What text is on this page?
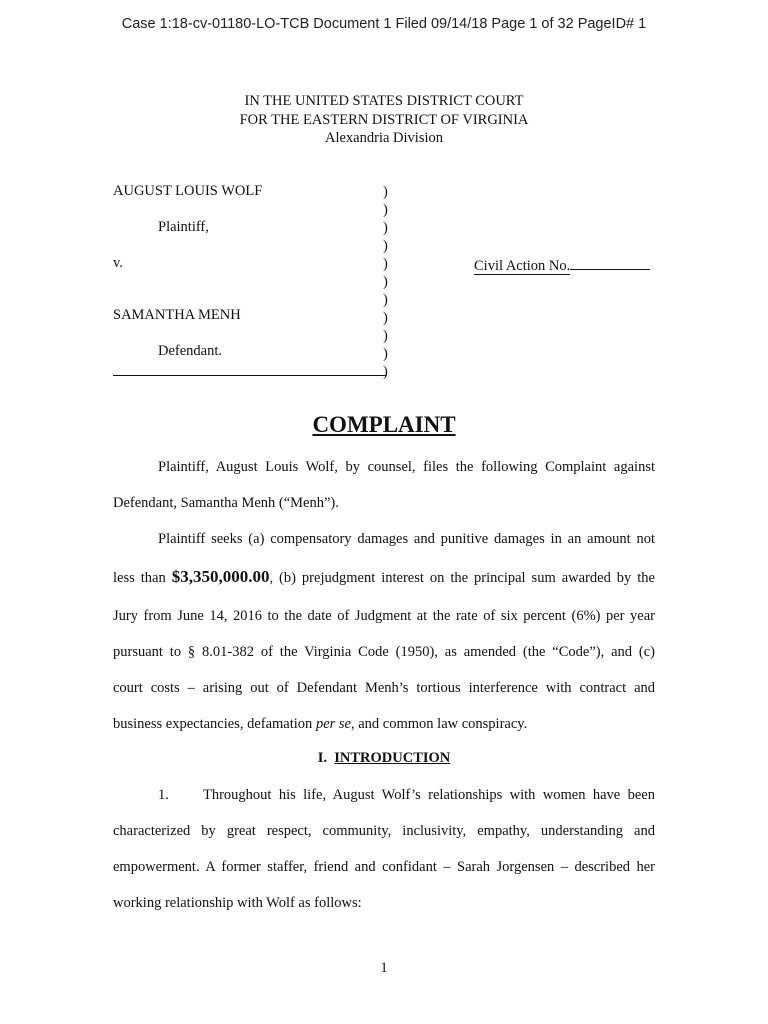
Case 1:18-cv-01180-LO-TCB Document 1 Filed 09/14/18 Page 1 of 32 PageID# 1
IN THE UNITED STATES DISTRICT COURT
FOR THE EASTERN DISTRICT OF VIRGINIA
Alexandria Division
AUGUST LOUIS WOLF
Plaintiff,
v.
SAMANTHA MENH
Defendant.
)
)
)
)
)
)
)
)
)
)
)
Civil Action No.
COMPLAINT
Plaintiff, August Louis Wolf, by counsel, files the following Complaint against
Defendant, Samantha Menh (“Menh”).
Plaintiff seeks (a) compensatory damages and punitive damages in an amount not
less than $3,350,000.00, (b) prejudgment interest on the principal sum awarded by the
Jury from June 14, 2016 to the date of Judgment at the rate of six percent (6%) per year
pursuant to § 8.01-382 of the Virginia Code (1950), as amended (the “Code”), and (c)
court costs – arising out of Defendant Menh’s tortious interference with contract and
business expectancies, defamation per se, and common law conspiracy.
I. INTRODUCTION
1. Throughout his life, August Wolf’s relationships with women have been
characterized by great respect, community, inclusivity, empathy, understanding and
empowerment. A former staffer, friend and confidant – Sarah Jorgensen – described her
working relationship with Wolf as follows:
1
